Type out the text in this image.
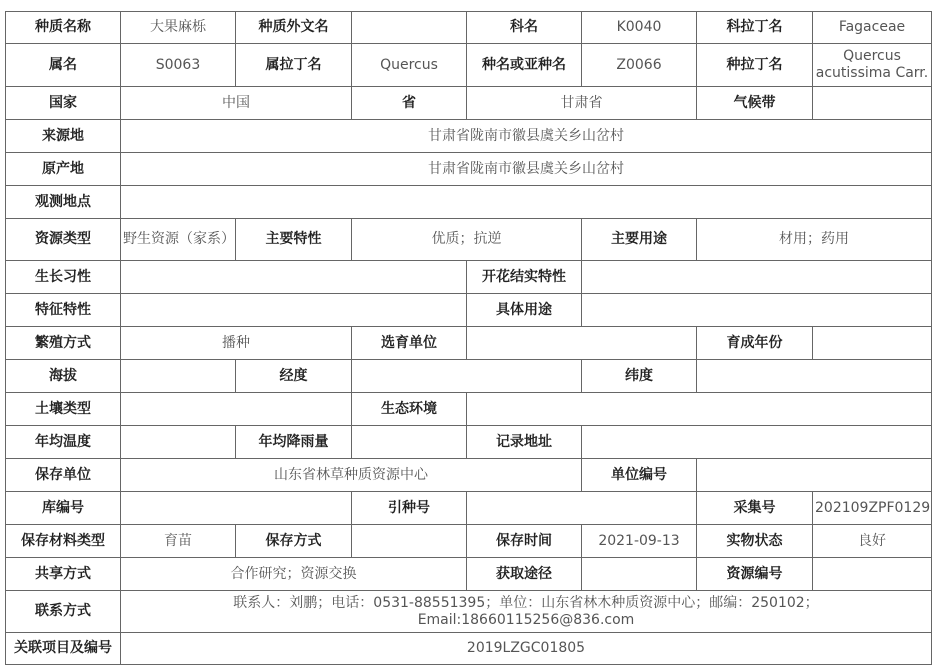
种质名称	大果麻栎	种质外文名		科名	K0040	科拉丁名	Fagaceae
属名	S0063	属拉丁名	Quercus	种名或亚种名	Z0066	种拉丁名	Quercus acutissima Carr.
国家	中国		省	甘肃省		气候带	
来源地	甘肃省陇南市徽县虞关乡山岔村						
原产地	甘肃省陇南市徽县虞关乡山岔村						
观测地点							
资源类型	野生资源（家系）	主要特性	优质；抗逆		主要用途	材用；药用	
生长习性				开花结实特性			
特征特性				具体用途			
繁殖方式	播种		选育单位			育成年份	
海拔		经度			纬度		
土壤类型			生态环境				
年均温度		年均降雨量		记录地址			
保存单位	山东省林草种质资源中心				单位编号		
库编号			引种号			采集号	202109ZPF0129
保存材料类型	育苗	保存方式		保存时间	2021-09-13	实物状态	良好
共享方式	合作研究；资源交换			获取途径		资源编号	
联系方式	联系人：刘鹏；电话：0531-88551395；单位：山东省林木种质资源中心；邮编：250102；
Email:18660115256@836.com						

关联项目及编号	2019LZGC01805						
